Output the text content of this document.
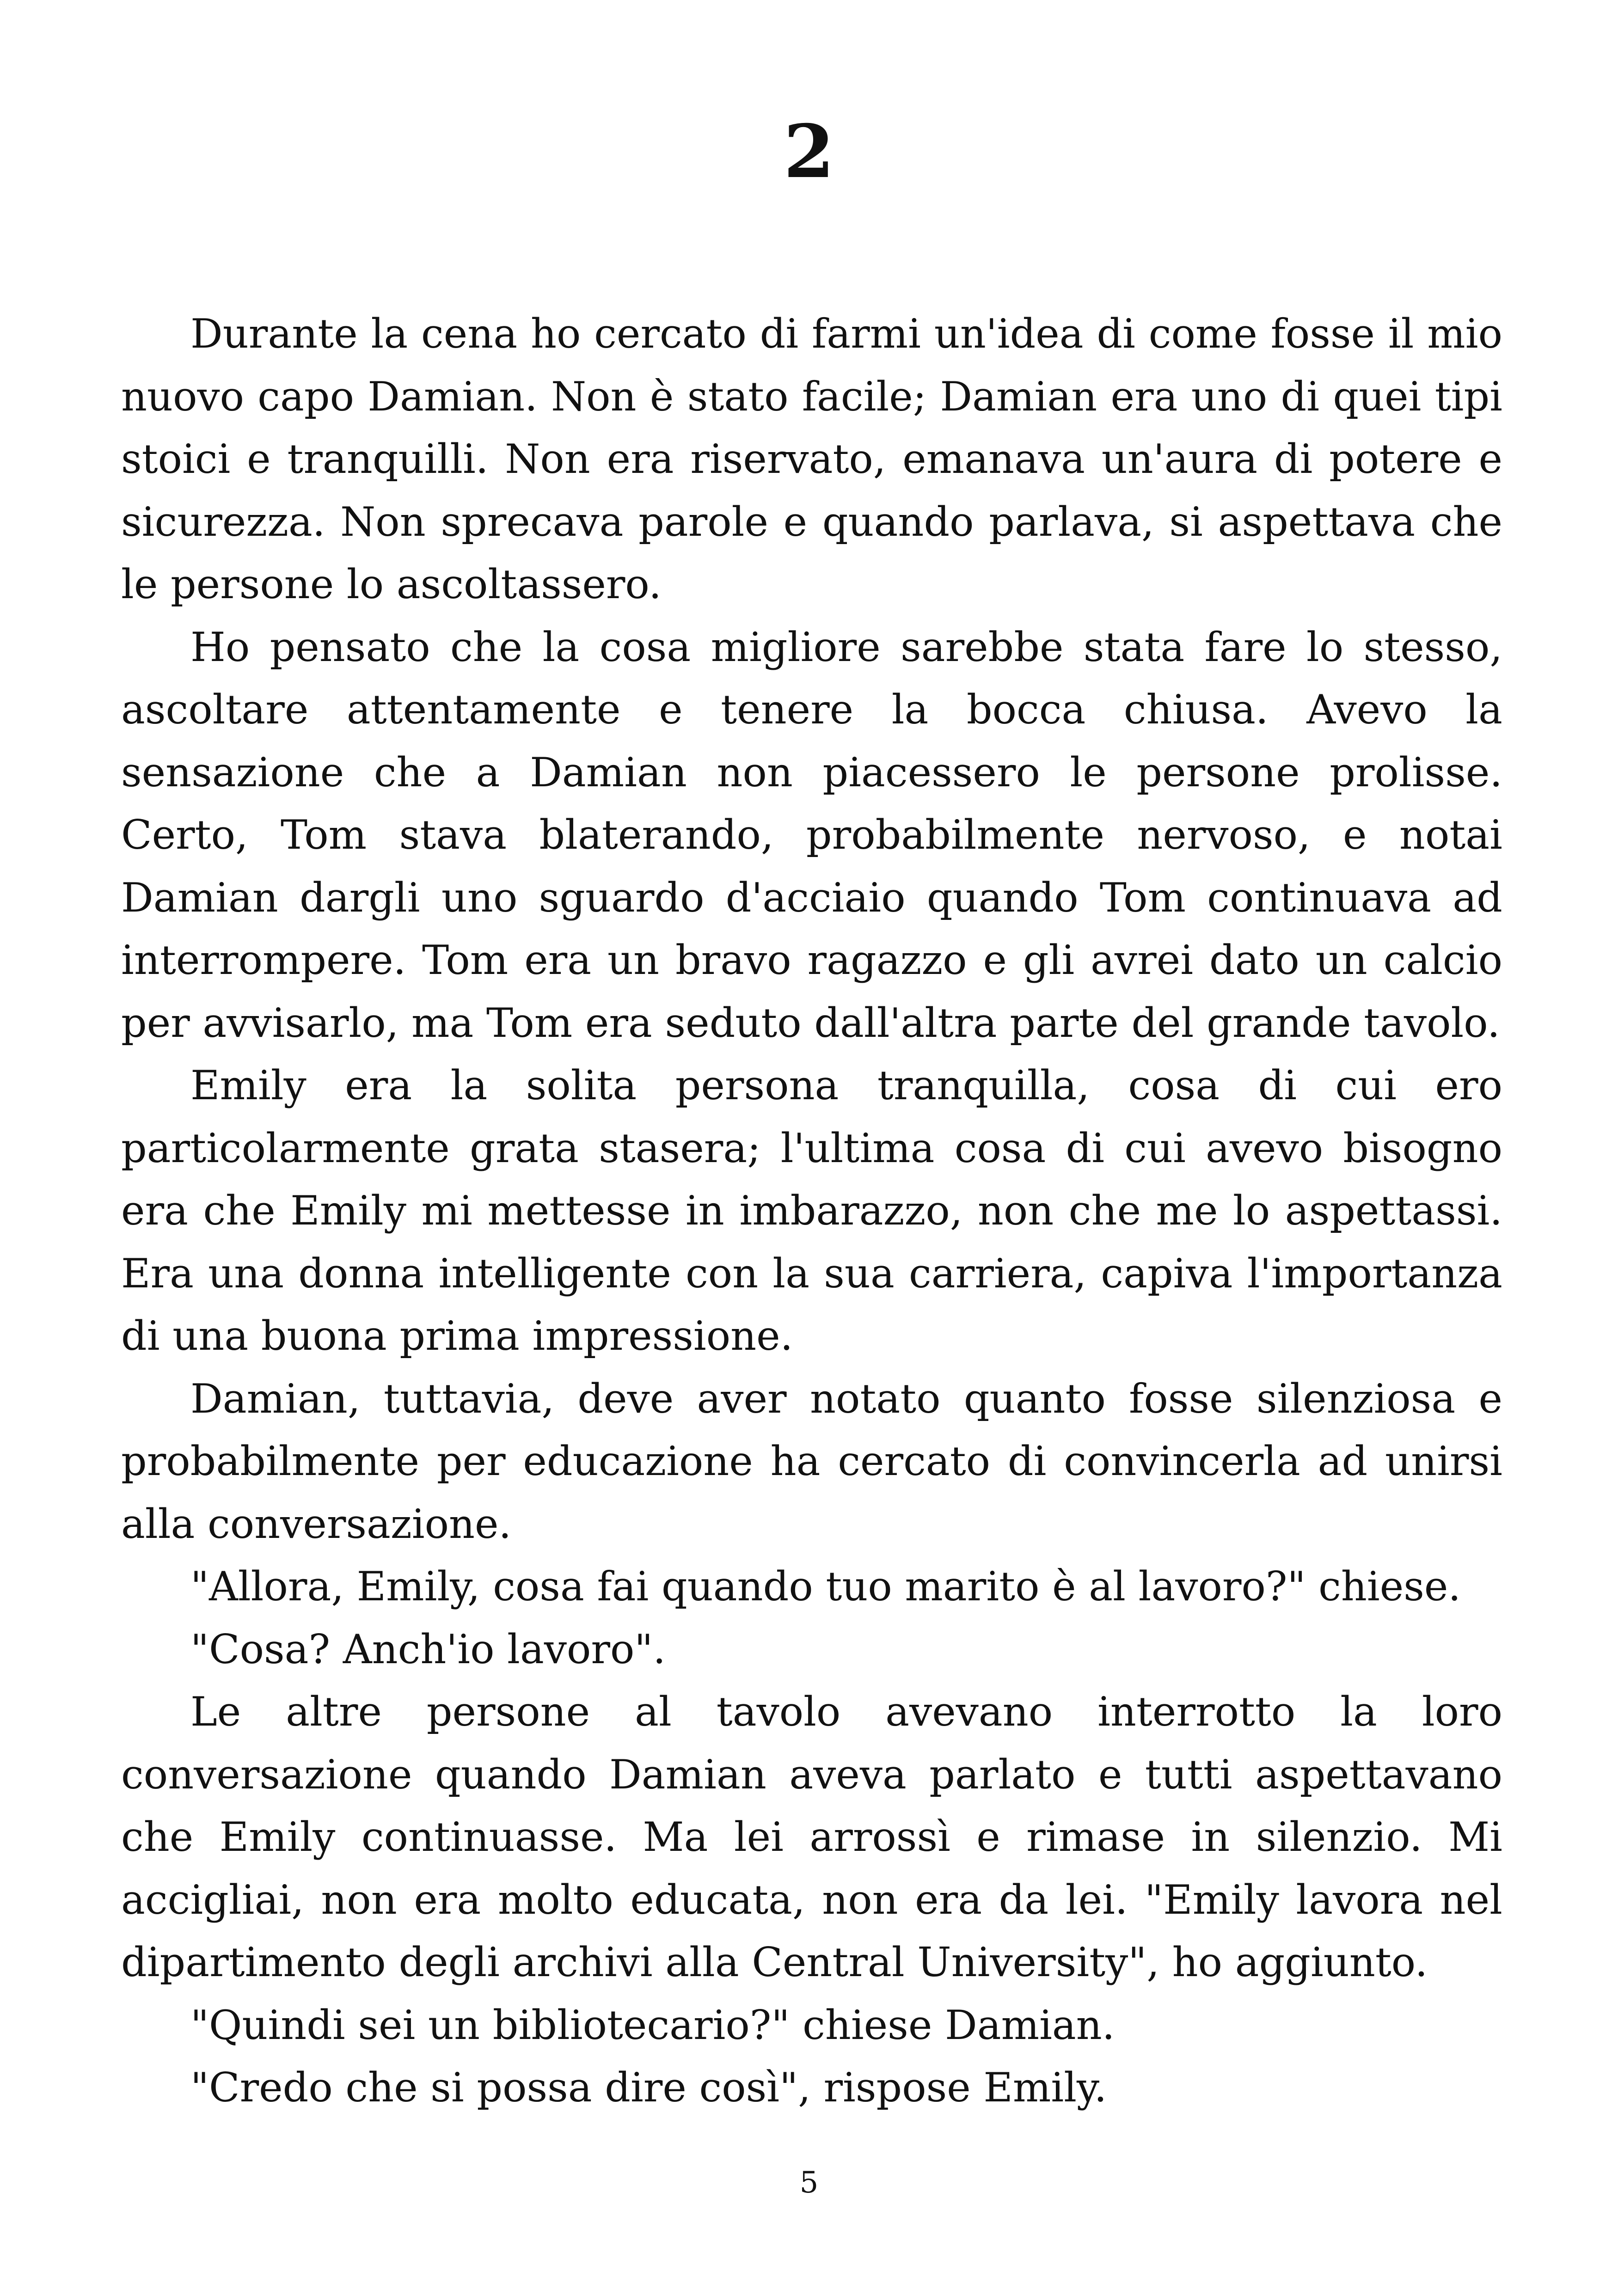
2

Durante la cena ho cercato di farmi un'idea di come fosse il mio nuovo capo Damian. Non è stato facile; Damian era uno di quei tipi stoici e tranquilli. Non era riservato, emanava un'aura di potere e sicurezza. Non sprecava parole e quando parlava, si aspettava che le persone lo ascoltassero.

Ho pensato che la cosa migliore sarebbe stata fare lo stesso, ascoltare attentamente e tenere la bocca chiusa. Avevo la sensazione che a Damian non piacessero le persone prolisse. Certo, Tom stava blaterando, probabilmente nervoso, e notai Damian dargli uno sguardo d'acciaio quando Tom continuava ad interrompere. Tom era un bravo ragazzo e gli avrei dato un calcio per avvisarlo, ma Tom era seduto dall'altra parte del grande tavolo.

Emily era la solita persona tranquilla, cosa di cui ero particolarmente grata stasera; l'ultima cosa di cui avevo bisogno era che Emily mi mettesse in imbarazzo, non che me lo aspettassi. Era una donna intelligente con la sua carriera, capiva l'importanza di una buona prima impressione.

Damian, tuttavia, deve aver notato quanto fosse silenziosa e probabilmente per educazione ha cercato di convincerla ad unirsi alla conversazione.

"Allora, Emily, cosa fai quando tuo marito è al lavoro?" chiese.

"Cosa? Anch'io lavoro".

Le altre persone al tavolo avevano interrotto la loro conversazione quando Damian aveva parlato e tutti aspettavano che Emily continuasse. Ma lei arrossì e rimase in silenzio. Mi accigliai, non era molto educata, non era da lei. "Emily lavora nel dipartimento degli archivi alla Central University", ho aggiunto.

"Quindi sei un bibliotecario?" chiese Damian.

"Credo che si possa dire così", rispose Emily.

5
